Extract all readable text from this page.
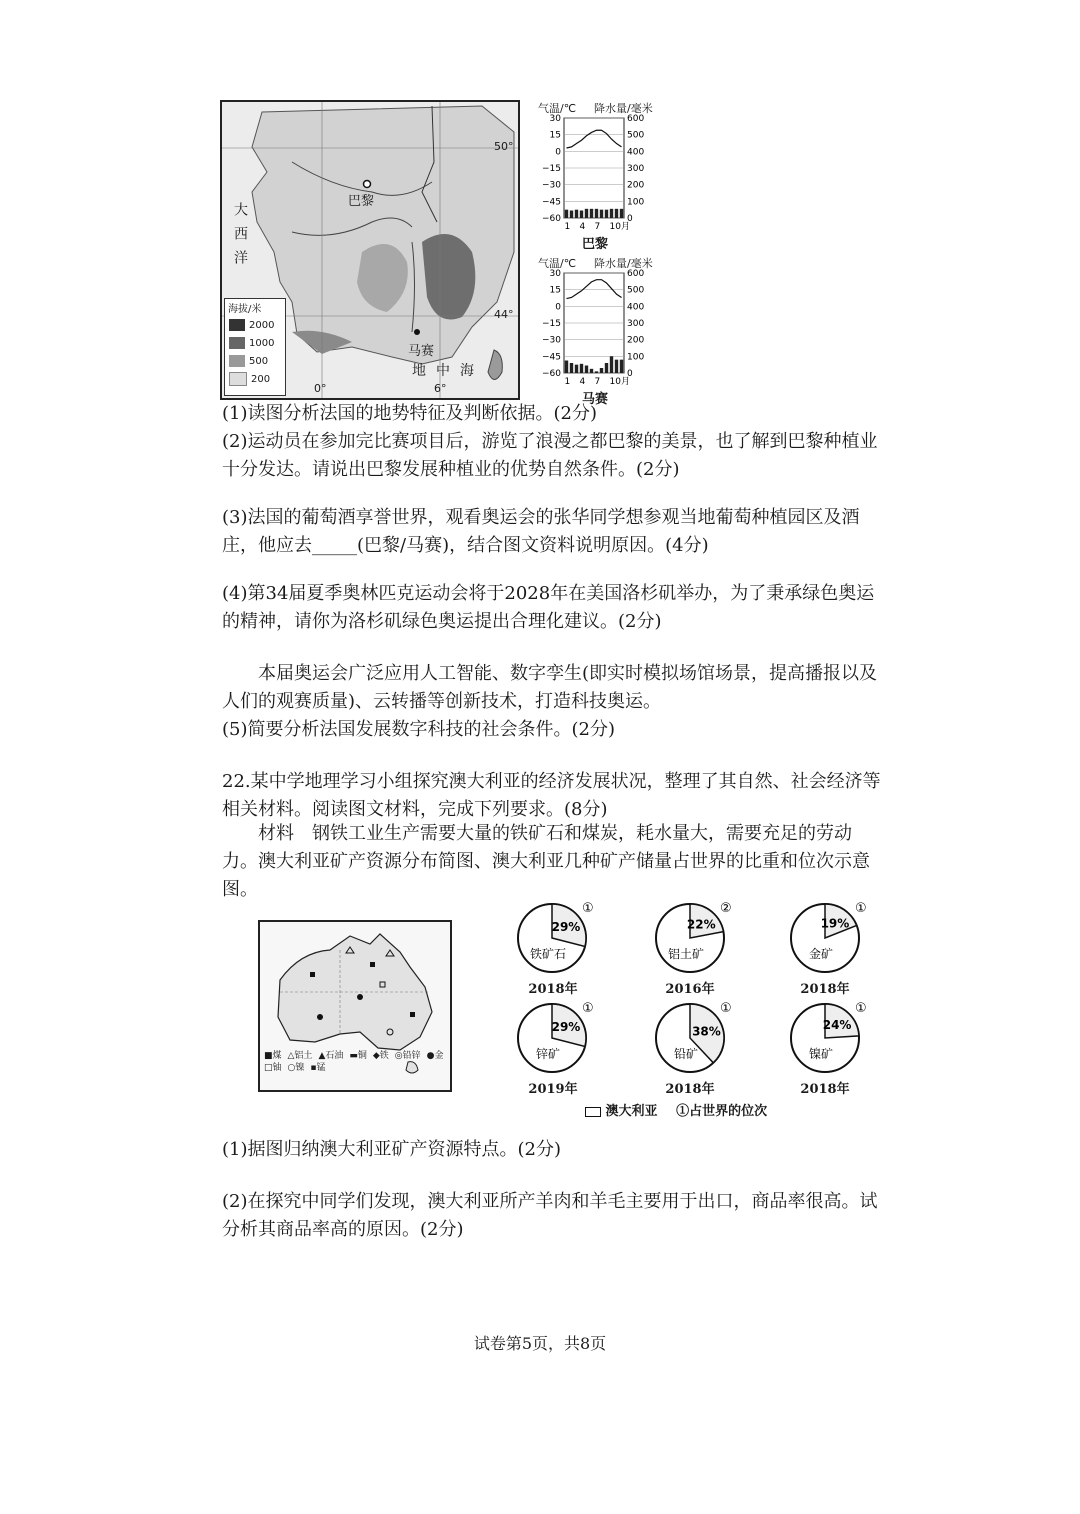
50°
44°
0°	6°
巴黎
马赛
大西洋
地中海
海拔/米
2000
1000
500
200
气温/℃ 降水量/毫米
30	600
15	500
0	400
−15	300
−30	200
−45	100
−60	0
1 4 7 10月
巴黎
气温/℃ 降水量/毫米
30	600
15	500
0	400
−15	300
−30	200
−45	100
−60	0
1 4 7 10月
马赛
(1)读图分析法国的地势特征及判断依据。(2分)
(2)运动员在参加完比赛项目后，游览了浪漫之都巴黎的美景，也了解到巴黎种植业十分发达。请说出巴黎发展种植业的优势自然条件。(2分)
(3)法国的葡萄酒享誉世界，观看奥运会的张华同学想参观当地葡萄种植园区及酒庄，他应去_____(巴黎/马赛)，结合图文资料说明原因。(4分)
(4)第34届夏季奥林匹克运动会将于2028年在美国洛杉矶举办，为了秉承绿色奥运的精神，请你为洛杉矶绿色奥运提出合理化建议。(2分)
本届奥运会广泛应用人工智能、数字孪生(即实时模拟场馆场景，提高播报以及人们的观赛质量)、云转播等创新技术，打造科技奥运。
(5)简要分析法国发展数字科技的社会条件。(2分)
22.某中学地理学习小组探究澳大利亚的经济发展状况，整理了其自然、社会经济等相关材料。阅读图文材料，完成下列要求。(8分)
材料　钢铁工业生产需要大量的铁矿石和煤炭，耗水量大，需要充足的劳动力。澳大利亚矿产资源分布简图、澳大利亚几种矿产储量占世界的比重和位次示意图。
■煤 △铝土 ▲石油 ▬铜 ◆铁 ◎铅锌 ●金
□铀 ○镍 ▪锰
29%
铁矿石
①
22%
铝土矿
②
19%
金矿
①
29%
锌矿
①
38%
铅矿
①
24%
镍矿
①
2018年	2016年	2018年
2019年	2018年	2018年
澳大利亚 ①占世界的位次
(1)据图归纳澳大利亚矿产资源特点。(2分)
(2)在探究中同学们发现，澳大利亚所产羊肉和羊毛主要用于出口，商品率很高。试分析其商品率高的原因。(2分)
试卷第5页，共8页
